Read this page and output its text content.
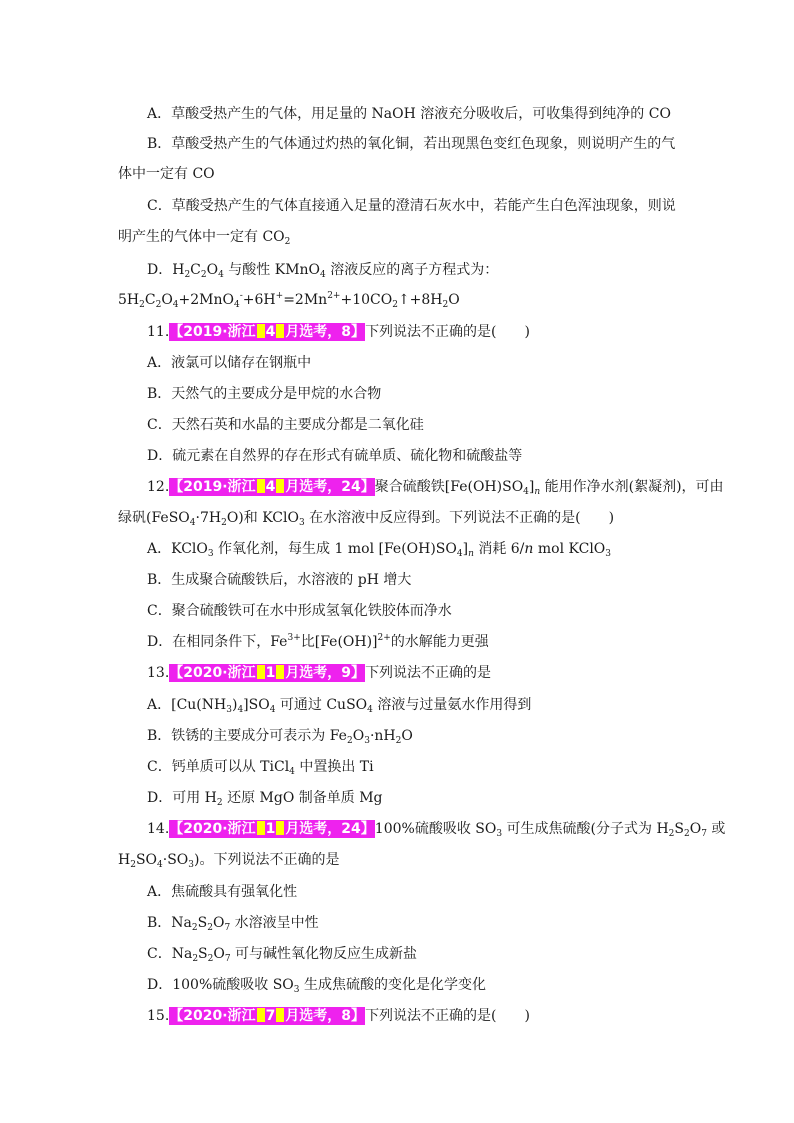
A．草酸受热产生的气体，用足量的 NaOH 溶液充分吸收后，可收集得到纯净的 CO
B．草酸受热产生的气体通过灼热的氧化铜，若出现黑色变红色现象，则说明产生的气
体中一定有 CO
C．草酸受热产生的气体直接通入足量的澄清石灰水中，若能产生白色浑浊现象，则说
明产生的气体中一定有 $CO_2$
D．$H_2C_2O_4$ 与酸性 KMnO$_4$ 溶液反应的离子方程式为：
$5H_2C_2O_4+2MnO_4^-+6H^+=2Mn^{2+}+10CO_2↑+8H_2O$
11.【2019·浙江 4 月选考，8】下列说法不正确的是(　　)
A．液氯可以储存在钢瓶中
B．天然气的主要成分是甲烷的水合物
C．天然石英和水晶的主要成分都是二氧化硅
D．硫元素在自然界的存在形式有硫单质、硫化物和硫酸盐等
12.【2019·浙江 4 月选考，24】聚合硫酸铁$[Fe(OH)SO_4]_n$ 能用作净水剂(絮凝剂)，可由
绿矾$(FeSO_4\cdot 7H_2O)$和 KClO$_3$ 在水溶液中反应得到。下列说法不正确的是(　　)
A．KClO$_3$ 作氧化剂，每生成 1 mol $[Fe(OH)SO_4]_n$ 消耗 6/n mol KClO$_3$
B．生成聚合硫酸铁后，水溶液的 pH 增大
C．聚合硫酸铁可在水中形成氢氧化铁胶体而净水
D．在相同条件下，$Fe^{3+}$比$[Fe(OH)]^{2+}$的水解能力更强
13.【2020·浙江 1 月选考，9】下列说法不正确的是
A．$[Cu(NH_3)_4]SO_4$ 可通过 CuSO$_4$ 溶液与过量氨水作用得到
B．铁锈的主要成分可表示为 $Fe_2O_3\cdot nH_2O$
C．钙单质可以从 TiCl$_4$ 中置换出 Ti
D．可用 $H_2$ 还原 MgO 制备单质 Mg
14.【2020·浙江 1 月选考，24】100%硫酸吸收 $SO_3$ 可生成焦硫酸(分子式为 $H_2S_2O_7$ 或
$H_2SO_4\cdot SO_3$)。下列说法不正确的是
A．焦硫酸具有强氧化性
B．$Na_2S_2O_7$ 水溶液呈中性
C．$Na_2S_2O_7$ 可与碱性氧化物反应生成新盐
D．100%硫酸吸收 $SO_3$ 生成焦硫酸的变化是化学变化
15.【2020·浙江 7 月选考，8】下列说法不正确的是(　　)
